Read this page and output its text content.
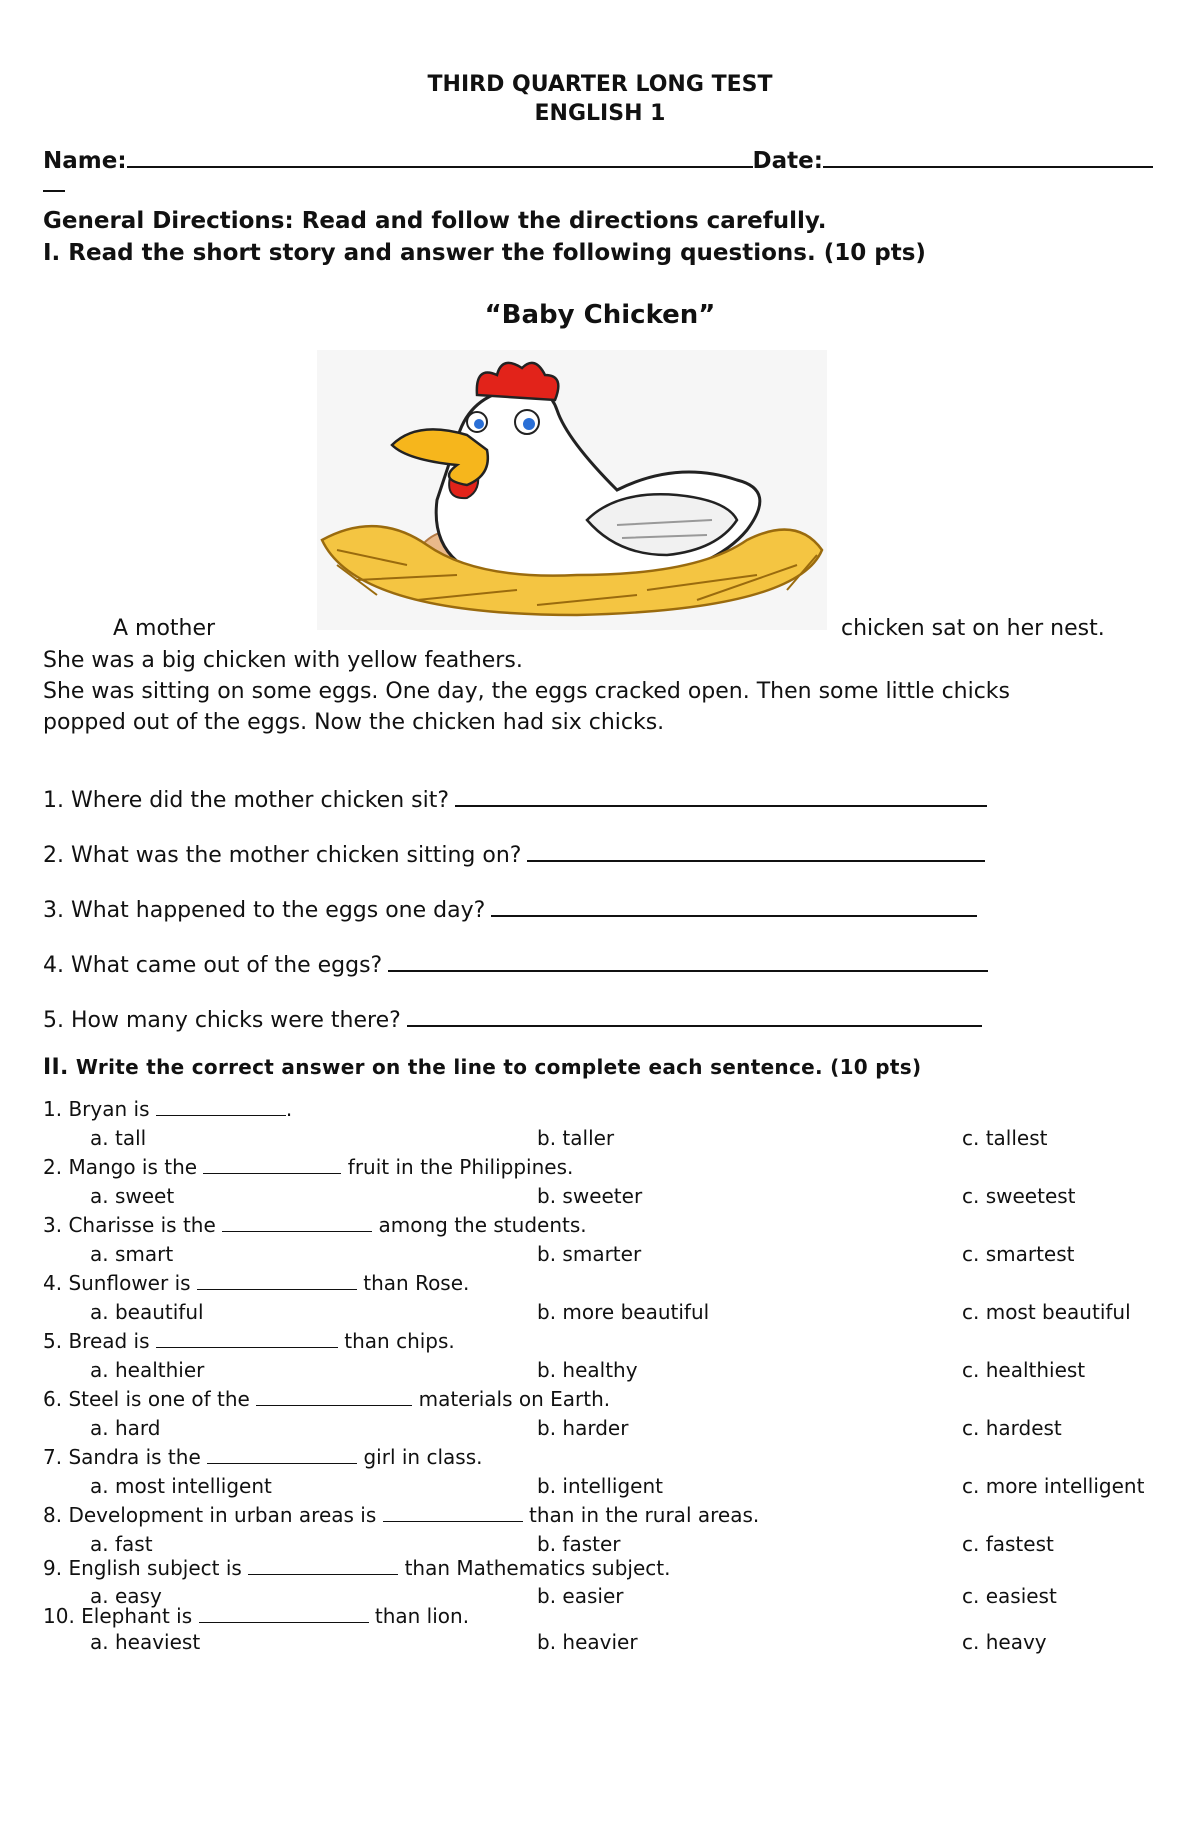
THIRD QUARTER LONG TEST
ENGLISH 1
Name:	Date:
General Directions: Read and follow the directions carefully.
I. Read the short story and answer the following questions. (10 pts)
“Baby Chicken”
A mother	chicken sat on her nest.
She was a big chicken with yellow feathers.
She was sitting on some eggs. One day, the eggs cracked open. Then some little chicks
popped out of the eggs. Now the chicken had six chicks.
1. Where did the mother chicken sit?
2. What was the mother chicken sitting on?
3. What happened to the eggs one day?
4. What came out of the eggs?
5. How many chicks were there?
II. Write the correct answer on the line to complete each sentence. (10 pts)
1. Bryan is	.
a. tall	b. taller	c. tallest
2. Mango is the	fruit in the Philippines.
a. sweet	b. sweeter	c. sweetest
3. Charisse is the	among the students.
a. smart	b. smarter	c. smartest
4. Sunflower is	than Rose.
a. beautiful	b. more beautiful	c. most beautiful
5. Bread is	than chips.
a. healthier	b. healthy	c. healthiest
6. Steel is one of the	materials on Earth.
a. hard	b. harder	c. hardest
7. Sandra is the	girl in class.
a. most intelligent	b. intelligent	c. more intelligent
8. Development in urban areas is	than in the rural areas.
a. fast	b. faster	c. fastest
9. English subject is	than Mathematics subject.
a. easy	b. easier	c. easiest
10. Elephant is	than lion.
a. heaviest	b. heavier	c. heavy
